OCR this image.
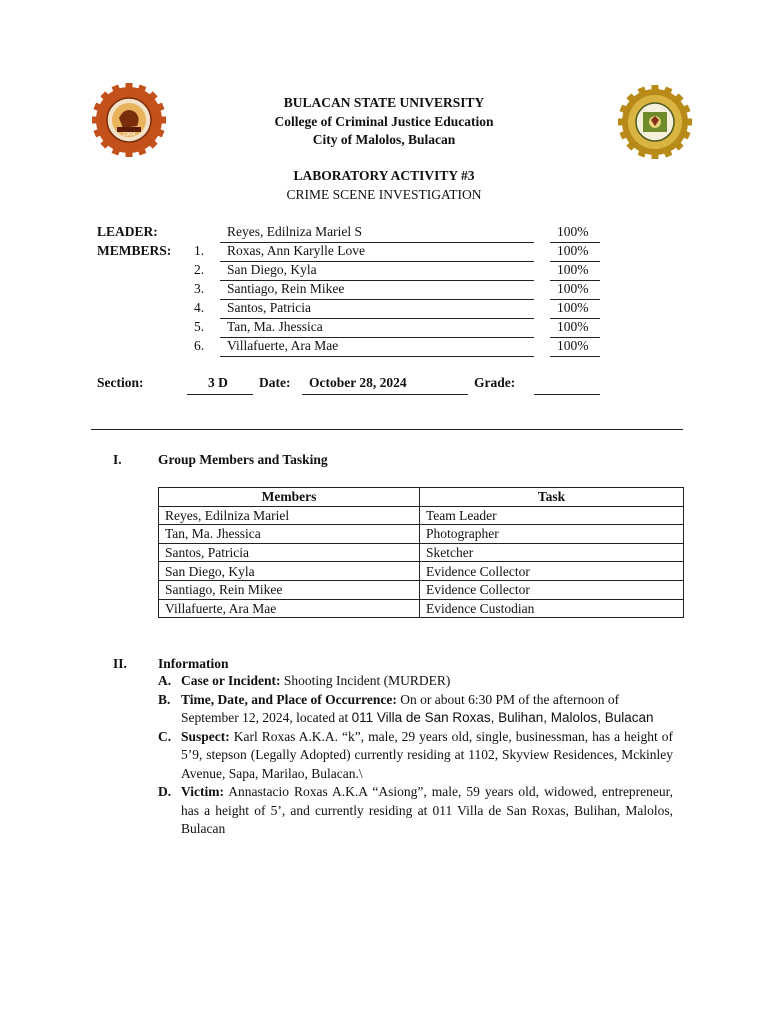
1904
BULACAN STATE UNIVERSITY
College of Criminal Justice Education
City of Malolos, Bulacan
LABORATORY ACTIVITY #3
CRIME SCENE INVESTIGATION
LEADER:	Reyes, Edilniza Mariel S	100%
MEMBERS: 1. Roxas, Ann Karylle Love	100%
2. San Diego, Kyla	100%
3. Santiago, Rein Mikee	100%
4. Santos, Patricia	100%
5. Tan, Ma. Jhessica	100%
6. Villafuerte, Ara Mae	100%
Section:	3 D Date: October 28, 2024	Grade:
I.	Group Members and Tasking
Members	Task
Reyes, Edilniza Mariel	Team Leader
Tan, Ma. Jhessica	Photographer
Santos, Patricia	Sketcher
San Diego, Kyla	Evidence Collector
Santiago, Rein Mikee	Evidence Collector
Villafuerte, Ara Mae	Evidence Custodian
II. Information
A. Case or Incident: Shooting Incident (MURDER)
B. Time, Date, and Place of Occurrence: On or about 6:30 PM of the afternoon of September 12, 2024, located at 011 Villa de San Roxas, Bulihan, Malolos, Bulacan
C. Suspect: Karl Roxas A.K.A. “k”, male, 29 years old, single, businessman, has a height of 5’9, stepson (Legally Adopted) currently residing at 1102, Skyview Residences, Mckinley Avenue, Sapa, Marilao, Bulacan.\
D. Victim: Annastacio Roxas A.K.A “Asiong”, male, 59 years old, widowed, entrepreneur, has a height of 5’, and currently residing at 011 Villa de San Roxas, Bulihan, Malolos, Bulacan
